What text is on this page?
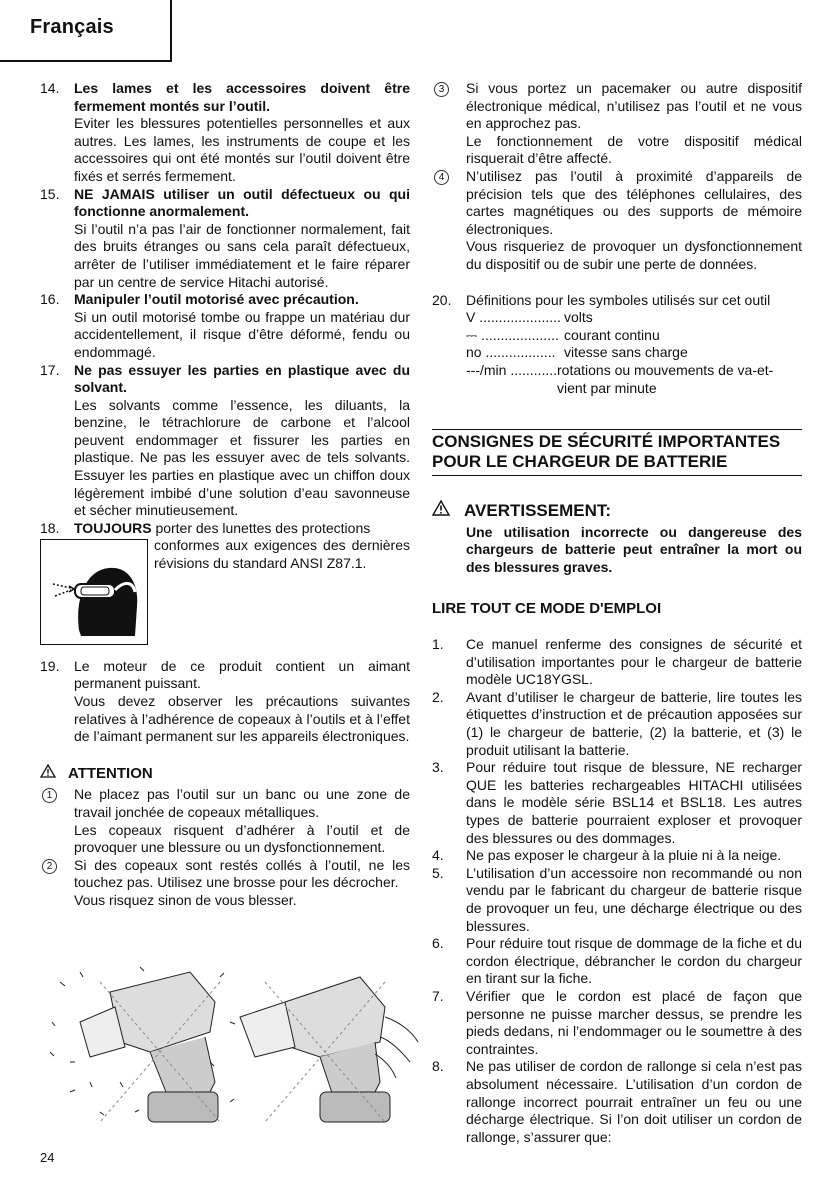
Français
14. Les lames et les accessoires doivent être fermement montés sur l’outil.
Eviter les blessures potentielles personnelles et aux autres. Les lames, les instruments de coupe et les accessoires qui ont été montés sur l’outil doivent être fixés et serrés fermement.
15. NE JAMAIS utiliser un outil défectueux ou qui fonctionne anormalement.
Si l’outil n’a pas l’air de fonctionner normalement, fait des bruits étranges ou sans cela paraît défectueux, arrêter de l’utiliser immédiatement et le faire réparer par un centre de service Hitachi autorisé.
16. Manipuler l’outil motorisé avec précaution.
Si un outil motorisé tombe ou frappe un matériau dur accidentellement, il risque d’être déformé, fendu ou endommagé.
17. Ne pas essuyer les parties en plastique avec du solvant.
Les solvants comme l’essence, les diluants, la benzine, le tétrachlorure de carbone et l’alcool peuvent endommager et fissurer les parties en plastique. Ne pas les essuyer avec de tels solvants. Essuyer les parties en plastique avec un chiffon doux légèrement imbibé d’une solution d’eau savonneuse et sécher minutieusement.
18. TOUJOURS porter des lunettes des protections
conformes aux exigences des dernières révisions du standard ANSI Z87.1.
19. Le moteur de ce produit contient un aimant permanent puissant.
Vous devez observer les précautions suivantes relatives à l’adhérence de copeaux à l’outils et à l’effet de l’aimant permanent sur les appareils électroniques.
ATTENTION
1	Ne placez pas l’outil sur un banc ou une zone de travail jonchée de copeaux métalliques.
Les copeaux risquent d’adhérer à l’outil et de provoquer une blessure ou un dysfonctionnement.
2	Si des copeaux sont restés collés à l’outil, ne les touchez pas. Utilisez une brosse pour les décrocher.
Vous risquez sinon de vous blesser.
3	Si vous portez un pacemaker ou autre dispositif électronique médical, n’utilisez pas l’outil et ne vous en approchez pas.
Le fonctionnement de votre dispositif médical risquerait d’être affecté.
4	N’utilisez pas l’outil à proximité d’appareils de précision tels que des téléphones cellulaires, des cartes magnétiques ou des supports de mémoire électroniques.
Vous risqueriez de provoquer un dysfonctionnement du dispositif ou de subir une perte de données.
20. Définitions pour les symboles utilisés sur cet outil
V ..................... volts
⎓ .................... courant continu
no .................. vitesse sans charge
---/min ............ rotations ou mouvements de va-et-vient par minute
CONSIGNES DE SÉCURITÉ IMPORTANTES POUR LE CHARGEUR DE BATTERIE
AVERTISSEMENT:
Une utilisation incorrecte ou dangereuse des chargeurs de batterie peut entraîner la mort ou des blessures graves.
LIRE TOUT CE MODE D'EMPLOI
1. Ce manuel renferme des consignes de sécurité et d’utilisation importantes pour le chargeur de batterie modèle UC18YGSL.
2. Avant d’utiliser le chargeur de batterie, lire toutes les étiquettes d’instruction et de précaution apposées sur (1) le chargeur de batterie, (2) la batterie, et (3) le produit utilisant la batterie.
3. Pour réduire tout risque de blessure, NE recharger QUE les batteries rechargeables HITACHI utilisées dans le modèle série BSL14 et BSL18. Les autres types de batterie pourraient exploser et provoquer des blessures ou des dommages.
4. Ne pas exposer le chargeur à la pluie ni à la neige.
5. L’utilisation d’un accessoire non recommandé ou non vendu par le fabricant du chargeur de batterie risque de provoquer un feu, une décharge électrique ou des blessures.
6. Pour réduire tout risque de dommage de la fiche et du cordon électrique, débrancher le cordon du chargeur en tirant sur la fiche.
7. Vérifier que le cordon est placé de façon que personne ne puisse marcher dessus, se prendre les pieds dedans, ni l’endommager ou le soumettre à des contraintes.
8. Ne pas utiliser de cordon de rallonge si cela n’est pas absolument nécessaire. L’utilisation d’un cordon de rallonge incorrect pourrait entraîner un feu ou une décharge électrique. Si l’on doit utiliser un cordon de rallonge, s’assurer que:
24
